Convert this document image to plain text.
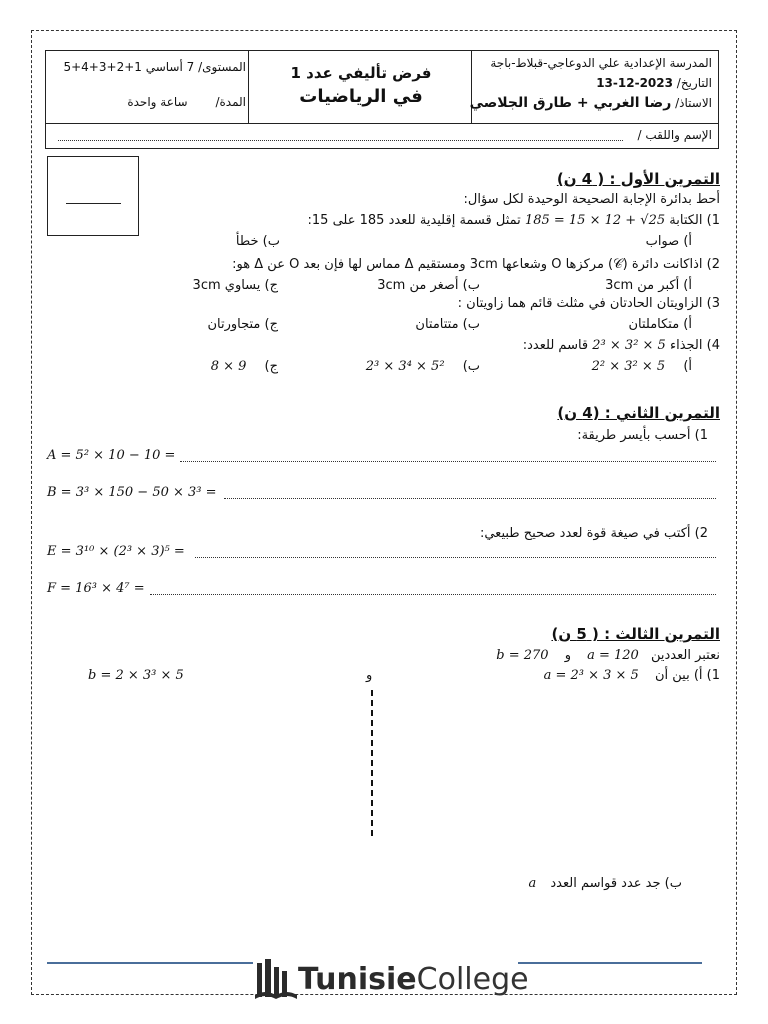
المدرسة الإعدادية علي الدوعاجي-قبلاط-باجة
التاريخ/ 2023-12-13
الاستاذ/ رضا الغربي + طارق الجلاصي
فرض تأليفي عدد 1
في الرياضيات
المستوى/ 7 أساسي 1+2+3+4+5
المدة/ ساعة واحدة
الإسم واللقب /
التمرين الأول : ( 4 ن)
أحط بدائرة الإجابة الصحيحة الوحيدة لكل سؤال:
1) الكتابة 185 = 15 × 12 + √25 تمثل قسمة إقليدية للعدد 185 على 15:
أ) صواب
ب) خطأ
2) اذاكانت دائرة (𝒞) مركزها O وشعاعها 3cm ومستقيم Δ مماس لها فإن بعد O عن Δ هو:
أ) أكبر من 3cm
ب) أصغر من 3cm
ج) يساوي 3cm
3) الزاويتان الحادتان في مثلث قائم هما زاويتان :
أ) متكاملتان
ب) متتامتان
ج) متجاورتان
4) الجذاء 2³ × 3² × 5 قاسم للعدد:
أ) 2² × 3² × 5
ب) 2³ × 3⁴ × 5²
ج) 8 × 9
التمرين الثاني : (4 ن)
1) أحسب بأيسر طريقة:
A = 5² × 10 − 10 =
B = 3³ × 150 − 50 × 3³ =
2) أكتب في صيغة قوة لعدد صحيح طبيعي:
E = 3¹⁰ × (2³ × 3)⁵ =
F = 16³ × 4⁷ =
التمرين الثالث : ( 5 ن)
نعتبر العددين a = 120 و b = 270
1) أ) بين أن a = 2³ × 3 × 5
و
b = 2 × 3³ × 5
ب) جد عدد قواسم العدد a
TunisieCollege
